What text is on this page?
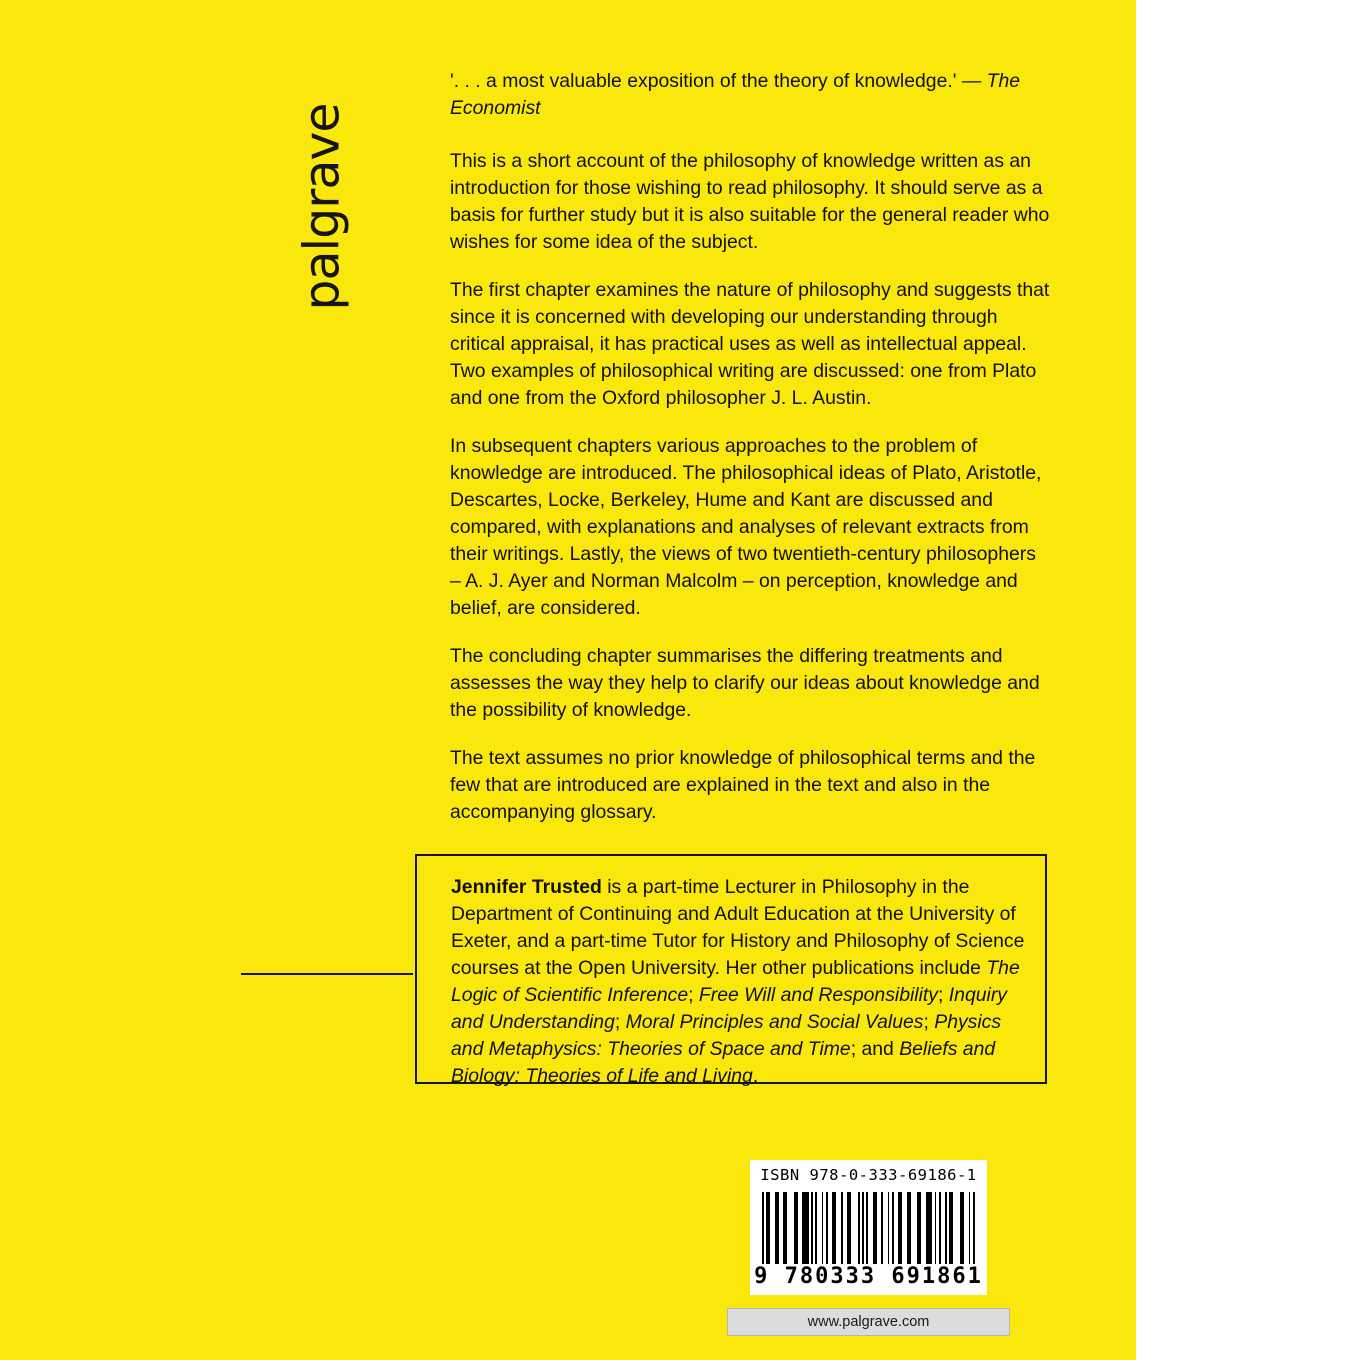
palgrave

'. . . a most valuable exposition of the theory of knowledge.' — The Economist

This is a short account of the philosophy of knowledge written as an introduction for those wishing to read philosophy. It should serve as a basis for further study but it is also suitable for the general reader who wishes for some idea of the subject.

The first chapter examines the nature of philosophy and suggests that since it is concerned with developing our understanding through critical appraisal, it has practical uses as well as intellectual appeal. Two examples of philosophical writing are discussed: one from Plato and one from the Oxford philosopher J. L. Austin.

In subsequent chapters various approaches to the problem of knowledge are introduced. The philosophical ideas of Plato, Aristotle, Descartes, Locke, Berkeley, Hume and Kant are discussed and compared, with explanations and analyses of relevant extracts from their writings. Lastly, the views of two twentieth-century philosophers – A. J. Ayer and Norman Malcolm – on perception, knowledge and belief, are considered.

The concluding chapter summarises the differing treatments and assesses the way they help to clarify our ideas about knowledge and the possibility of knowledge.

The text assumes no prior knowledge of philosophical terms and the few that are introduced are explained in the text and also in the accompanying glossary.

Jennifer Trusted is a part-time Lecturer in Philosophy in the Department of Continuing and Adult Education at the University of Exeter, and a part-time Tutor for History and Philosophy of Science courses at the Open University. Her other publications include The Logic of Scientific Inference; Free Will and Responsibility; Inquiry and Understanding; Moral Principles and Social Values; Physics and Metaphysics: Theories of Space and Time; and Beliefs and Biology: Theories of Life and Living.

ISBN 978-0-333-69186-1
9 780333 691861
www.palgrave.com
